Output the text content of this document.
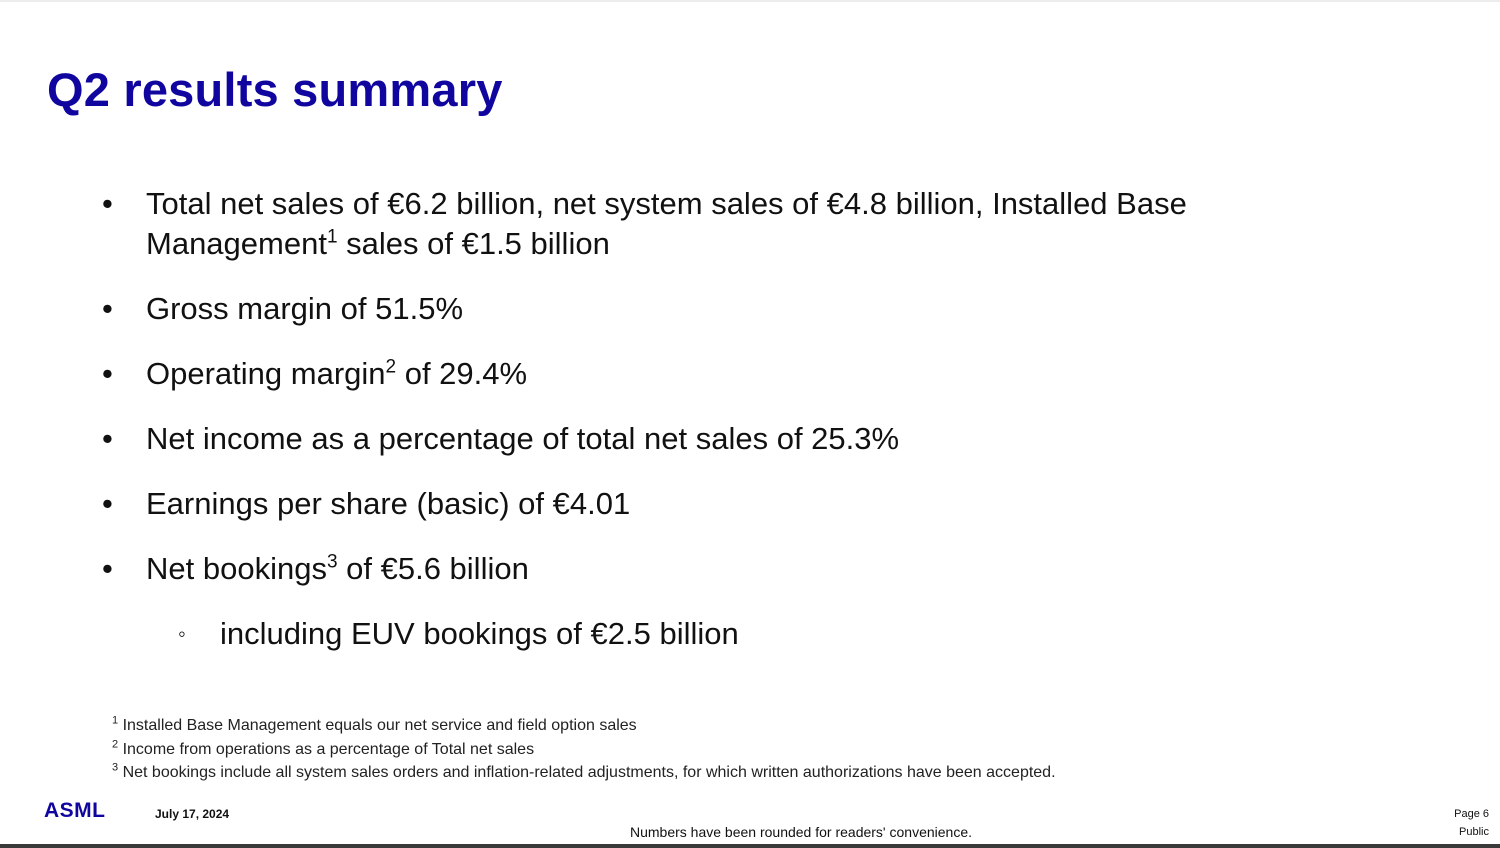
Q2 results summary
• Total net sales of €6.2 billion, net system sales of €4.8 billion, Installed Base Management$^1$ sales of €1.5 billion
• Gross margin of 51.5%
• Operating margin$^2$ of 29.4%
• Net income as a percentage of total net sales of 25.3%
• Earnings per share (basic) of €4.01
• Net bookings$^3$ of €5.6 billion
◦ including EUV bookings of €2.5 billion
$^1$ Installed Base Management equals our net service and field option sales
$^2$ Income from operations as a percentage of Total net sales
$^3$ Net bookings include all system sales orders and inflation-related adjustments, for which written authorizations have been accepted.
ASML	July 17, 2024
Numbers have been rounded for readers' convenience.
Page 6
Public
